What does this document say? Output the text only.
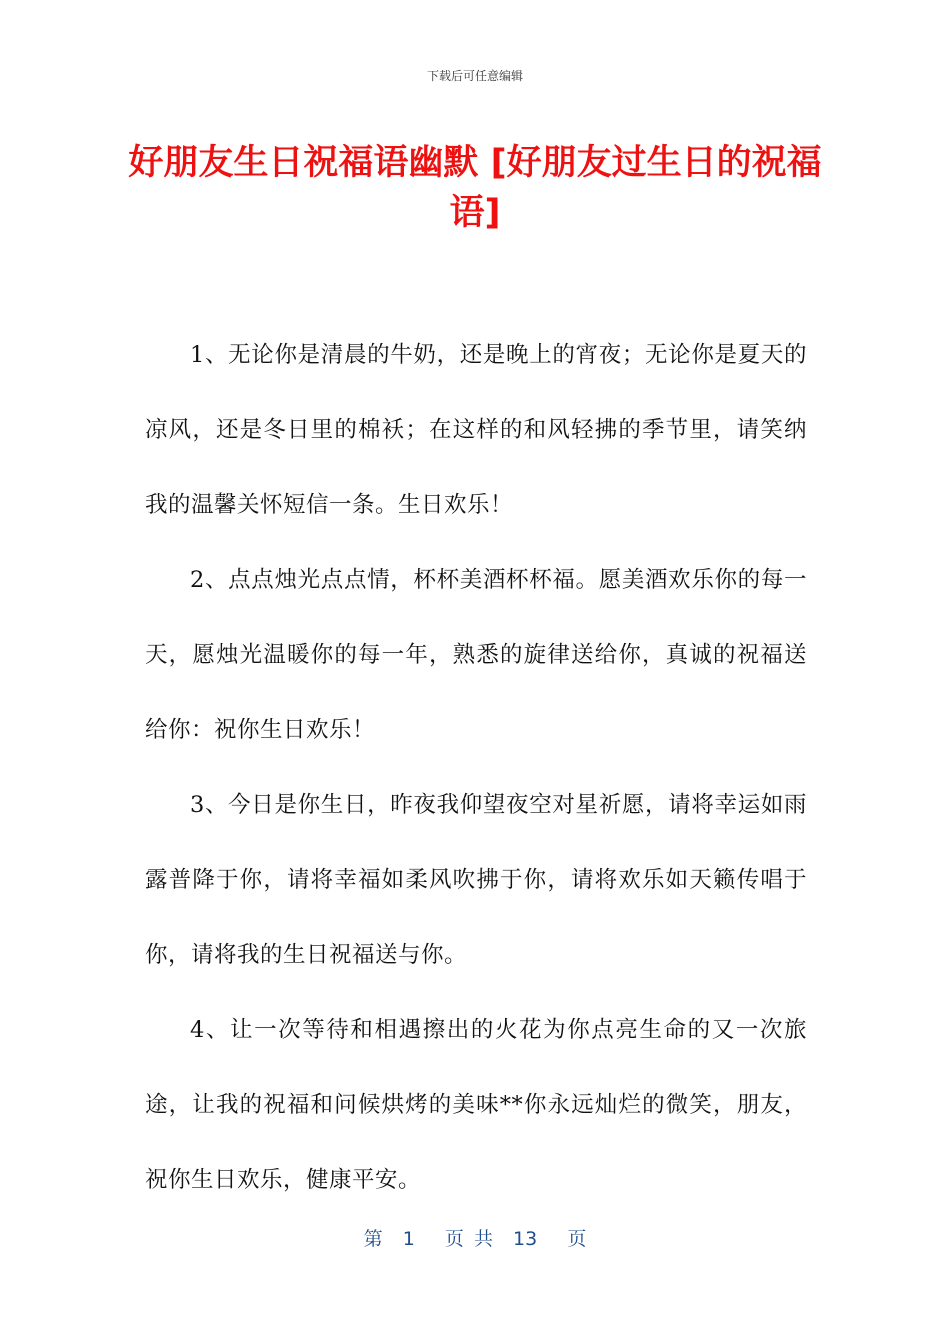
下载后可任意编辑
好朋友生日祝福语幽默 [好朋友过生日的祝福语]

1、无论你是清晨的牛奶，还是晚上的宵夜；无论你是夏天的凉风，还是冬日里的棉袄；在这样的和风轻拂的季节里，请笑纳我的温馨关怀短信一条。生日欢乐！

2、点点烛光点点情，杯杯美酒杯杯福。愿美酒欢乐你的每一天，愿烛光温暖你的每一年，熟悉的旋律送给你，真诚的祝福送给你：祝你生日欢乐！

3、今日是你生日，昨夜我仰望夜空对星祈愿，请将幸运如雨露普降于你，请将幸福如柔风吹拂于你，请将欢乐如天籁传唱于你，请将我的生日祝福送与你。

4、让一次等待和相遇擦出的火花为你点亮生命的又一次旅途，让我的祝福和问候烘烤的美味**你永远灿烂的微笑，朋友，祝你生日欢乐，健康平安。

第  1   页 共  13   页
